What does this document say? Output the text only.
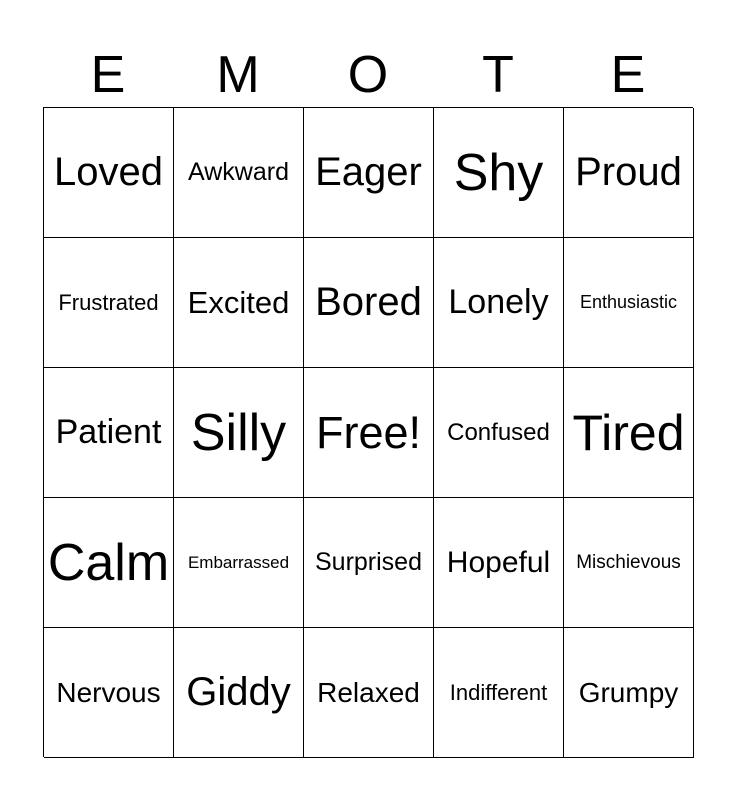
E	M	O	T	E
Loved Awkward Eager Shy Proud
Frustrated Excited Bored Lonely Enthusiastic
Patient Silly Free! Confused Tired
Calm Embarrassed Surprised Hopeful Mischievous
Nervous Giddy Relaxed Indifferent Grumpy
